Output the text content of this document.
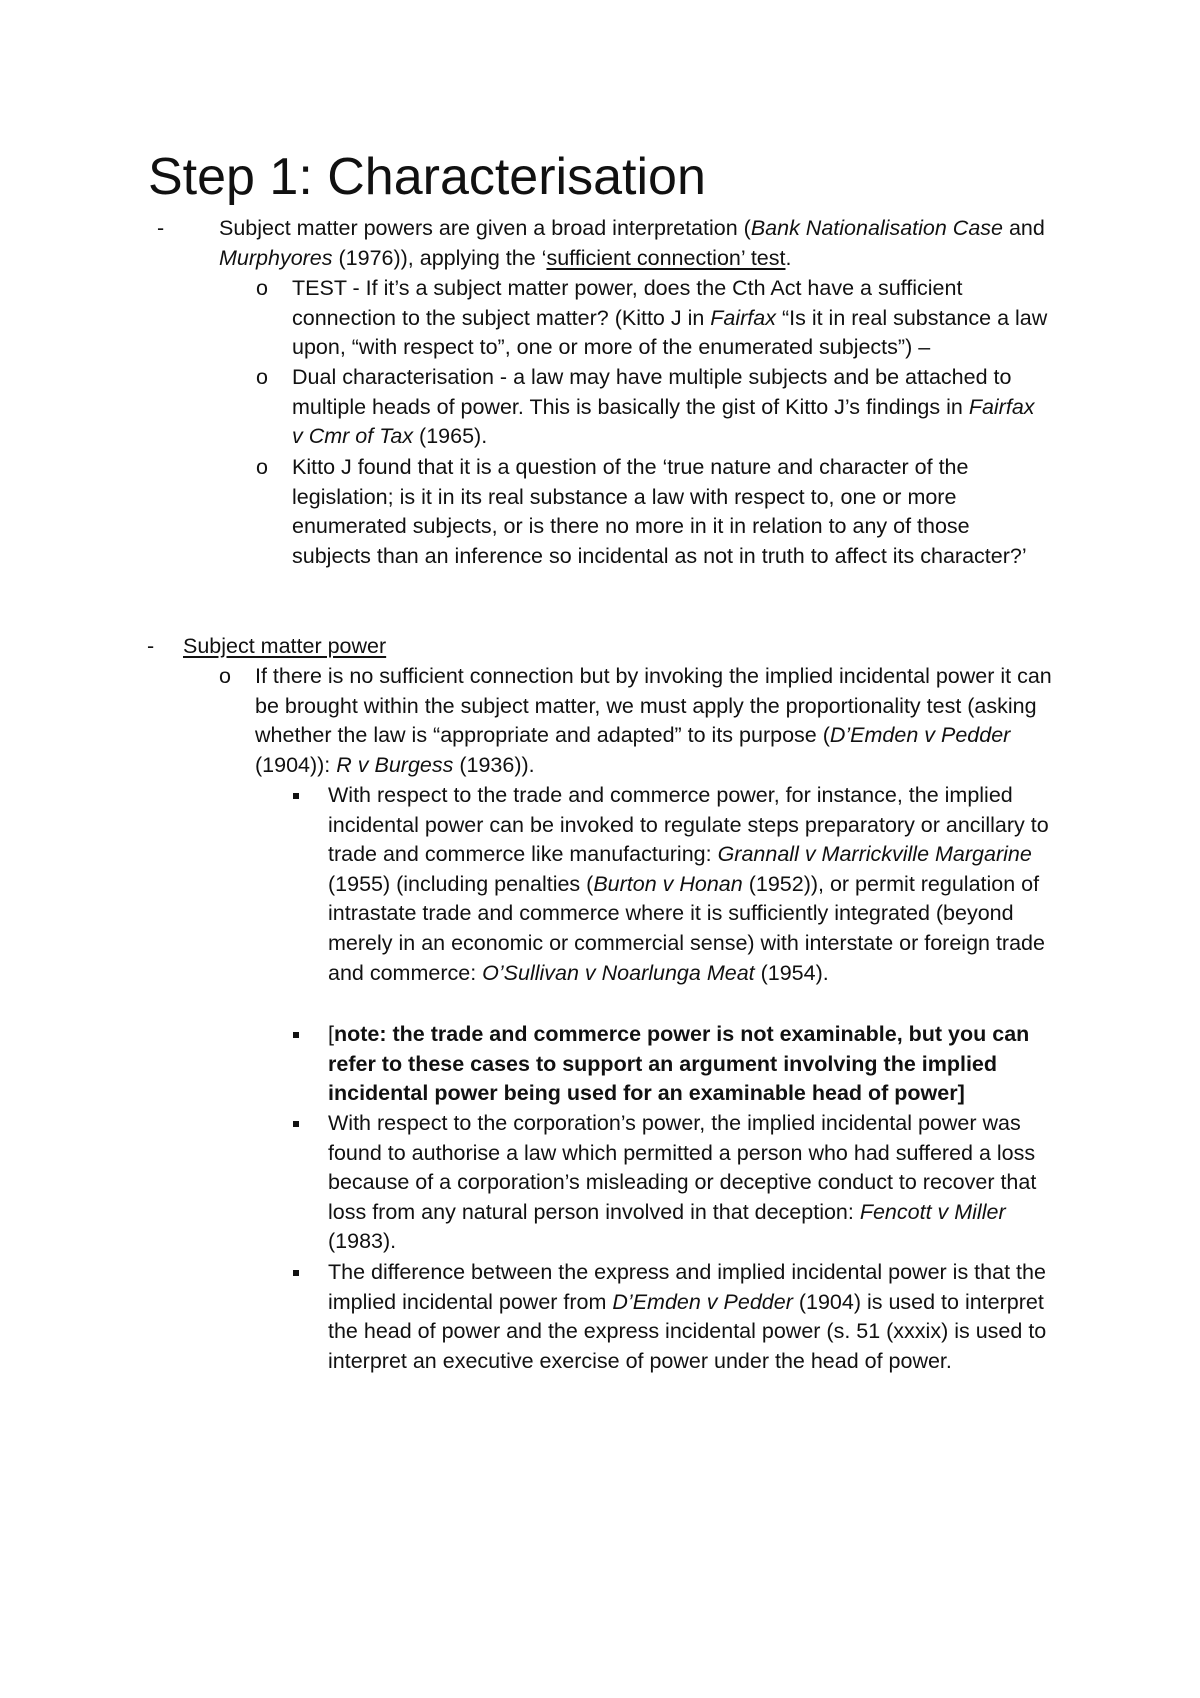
Step 1: Characterisation
-	Subject matter powers are given a broad interpretation (Bank Nationalisation Case and Murphyores (1976)), applying the ‘sufficient connection’ test.
o TEST - If it’s a subject matter power, does the Cth Act have a sufficient connection to the subject matter? (Kitto J in Fairfax “Is it in real substance a law upon, “with respect to”, one or more of the enumerated subjects”) –
o Dual characterisation - a law may have multiple subjects and be attached to multiple heads of power. This is basically the gist of Kitto J’s findings in Fairfax v Cmr of Tax (1965).
o Kitto J found that it is a question of the ‘true nature and character of the legislation; is it in its real substance a law with respect to, one or more enumerated subjects, or is there no more in it in relation to any of those subjects than an inference so incidental as not in truth to affect its character?’
- Subject matter power
o If there is no sufficient connection but by invoking the implied incidental power it can be brought within the subject matter, we must apply the proportionality test (asking whether the law is “appropriate and adapted” to its purpose (D’Emden v Pedder (1904)): R v Burgess (1936)).
With respect to the trade and commerce power, for instance, the implied incidental power can be invoked to regulate steps preparatory or ancillary to trade and commerce like manufacturing: Grannall v Marrickville Margarine (1955) (including penalties (Burton v Honan (1952)), or permit regulation of intrastate trade and commerce where it is sufficiently integrated (beyond merely in an economic or commercial sense) with interstate or foreign trade and commerce: O’Sullivan v Noarlunga Meat (1954).
[note: the trade and commerce power is not examinable, but you can refer to these cases to support an argument involving the implied incidental power being used for an examinable head of power]
With respect to the corporation’s power, the implied incidental power was found to authorise a law which permitted a person who had suffered a loss because of a corporation’s misleading or deceptive conduct to recover that loss from any natural person involved in that deception: Fencott v Miller (1983).
The difference between the express and implied incidental power is that the implied incidental power from D’Emden v Pedder (1904) is used to interpret the head of power and the express incidental power (s. 51 (xxxix) is used to interpret an executive exercise of power under the head of power.
